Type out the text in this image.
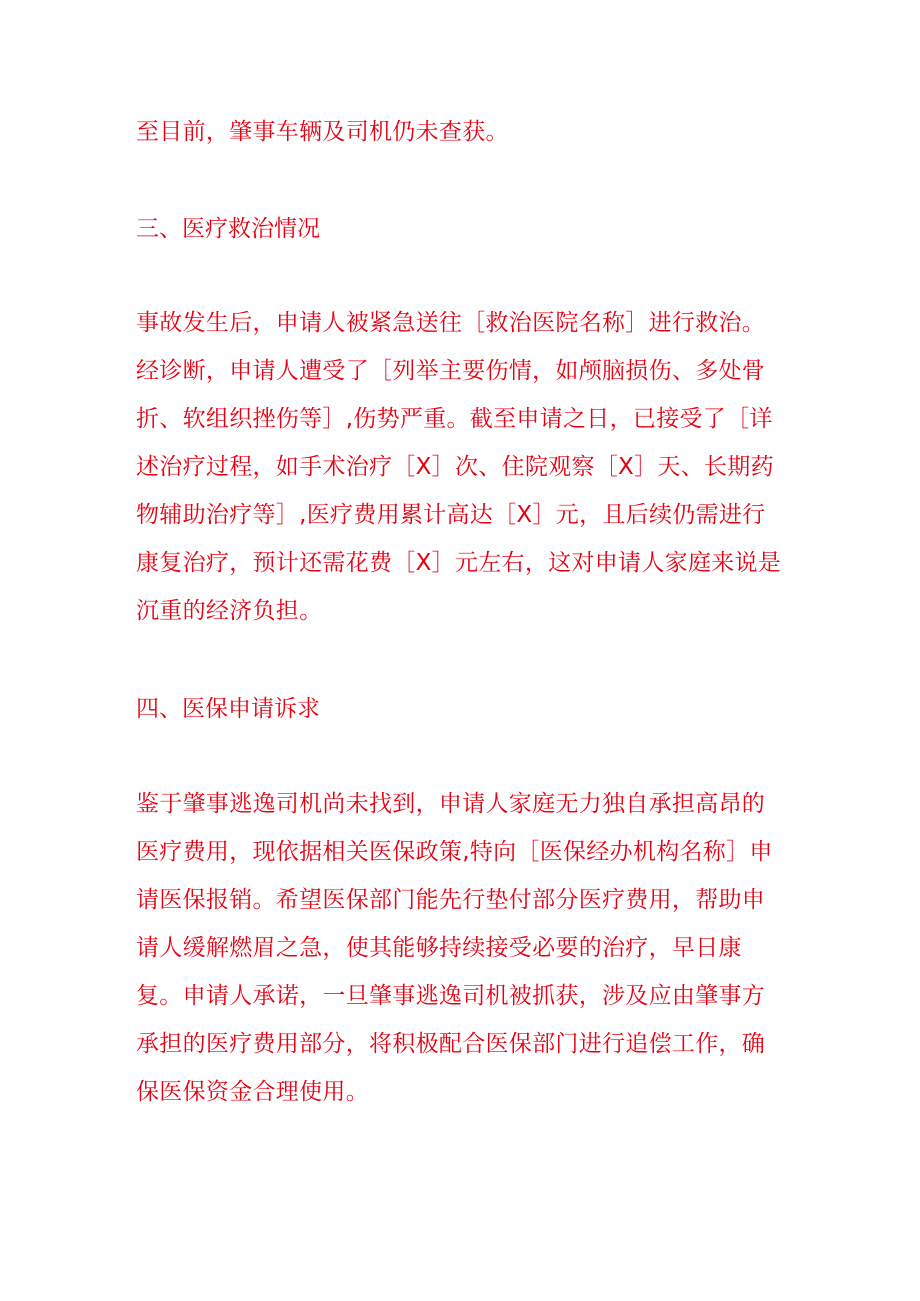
至目前，肇事车辆及司机仍未查获。

三、医疗救治情况

事故发生后，申请人被紧急送往［救治医院名称］进行救治。经诊断，申请人遭受了［列举主要伤情，如颅脑损伤、多处骨折、软组织挫伤等］,伤势严重。截至申请之日，已接受了［详述治疗过程，如手术治疗［X］次、住院观察［X］天、长期药物辅助治疗等］,医疗费用累计高达［X］元，且后续仍需进行康复治疗，预计还需花费［X］元左右，这对申请人家庭来说是沉重的经济负担。

四、医保申请诉求

鉴于肇事逃逸司机尚未找到，申请人家庭无力独自承担高昂的医疗费用，现依据相关医保政策,特向［医保经办机构名称］申请医保报销。希望医保部门能先行垫付部分医疗费用，帮助申请人缓解燃眉之急，使其能够持续接受必要的治疗，早日康复。申请人承诺，一旦肇事逃逸司机被抓获，涉及应由肇事方承担的医疗费用部分，将积极配合医保部门进行追偿工作，确保医保资金合理使用。
